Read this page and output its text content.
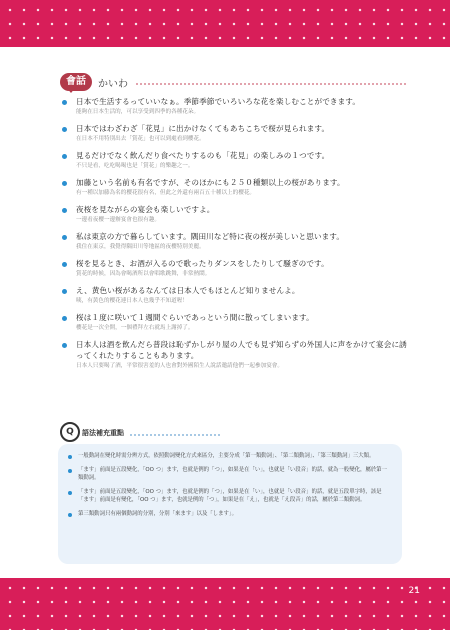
會話	かいわ
日本で生活するっていいなぁ。季節季節でいろいろな花を楽しむことができます。
能夠在日本生活的，可以享受到四季的各種花朵。
日本ではわざわざ「花見」に出かけなくてもあちこちで桜が見られます。
在日本不用特別出去「賞花」也可以到處看到櫻花。
見るだけでなく飲んだり食べたりするのも「花見」の楽しみの１つです。
不只是看，吃吃喝喝也是「賞花」的樂趣之一。
加藤という名前も有名ですが、そのほかにも２５０種類以上の桜があります。
有一種以加藤為名的櫻花很有名，但此之外還有兩百五十種以上的櫻花。
夜桜を見ながらの宴会も楽しいですよ。
一邊看夜櫻一邊辦宴會也很有趣。
私は東京の方で暮らしています。隅田川など特に夜の桜が美しいと思います。
我住在東京，我覺得隅田川等地區的夜櫻特別美麗。
桜を見るとき、お酒が入るので歌ったりダンスをしたりして騒ぎのです。
賞花的時候，因為會喝酒所以會唱歌跳舞，非常熱鬧。
え、黄色い桜があるなんては日本人でもほとんど知りませんよ。
咦，有黃色的櫻花連日本人也幾乎不知道喔！
桜は１度に咲いて１週間ぐらいであっという間に散ってしまいます。
櫻花是一次全開，一個禮拜左右就馬上謝掉了。
日本人は酒を飲んだら普段は恥ずかしがり屋の人でも見ず知らずの外国人に声をかけて宴会に誘ってくれたりすることもあります。
日本人只要喝了酒，平常很害羞的人也會對外國陌生人說話邀請他們一起參加宴會。
Q	語法補充重點
一般動詞在變化時需分辨方式，依照動詞變化方式來區分，主要分成「第一類動詞」、「第二類動詞」、「第三類動詞」三大類。
「ます」前面是五段變化，「OO つ」ます，也就是例的「つ」，如果是在「い」，也就是「い段音」的話，就為一般變化，屬於第一類動詞。
「ます」前面是五段變化，「OO つ」ます，也就是例的「つ」，如果是在「い」，也就是「い段音」的話，就是五段單字時，該是「ます」前面是有變化，「OO つ」ます，也就是例的「つ」，如果是在「え」，也就是「え段音」的話，屬於第二類動詞。
第三類動詞只有兩個動詞的分別，分別「來ます」以及「します」。
21
